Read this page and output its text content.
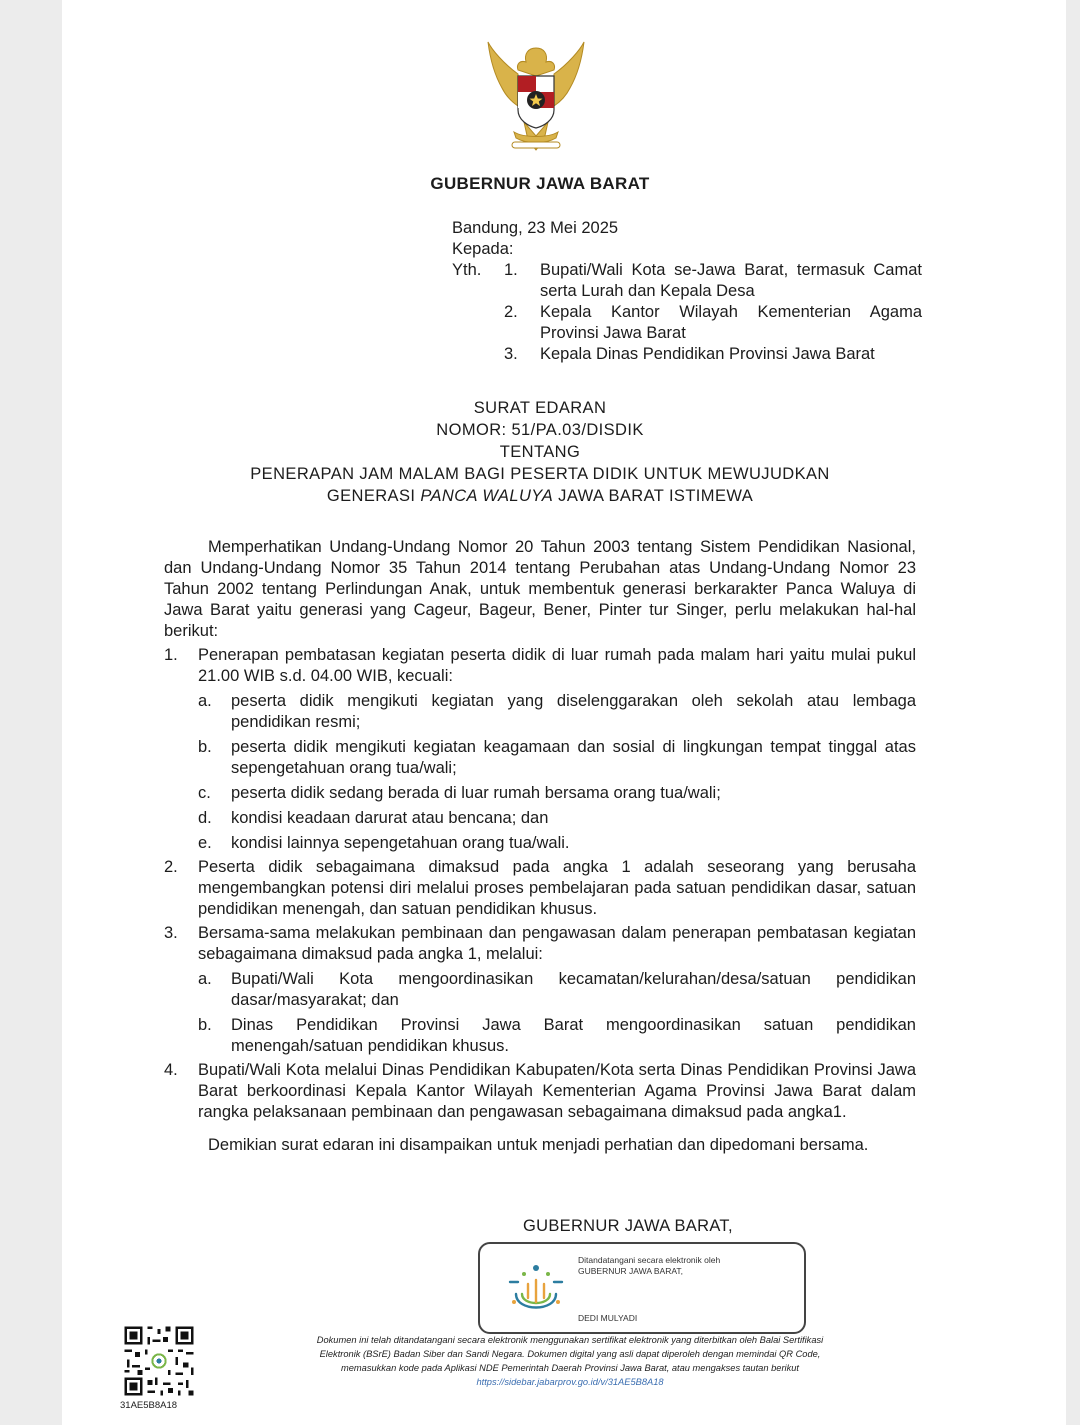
GUBERNUR JAWA BARAT
Bandung, 23 Mei 2025
Kepada:
Yth.	1.	Bupati/Wali Kota se-Jawa Barat, termasuk Camat serta Lurah dan Kepala Desa
2.	Kepala Kantor Wilayah Kementerian Agama Provinsi Jawa Barat
3.	Kepala Dinas Pendidikan Provinsi Jawa Barat
SURAT EDARAN
NOMOR: 51/PA.03/DISDIK
TENTANG
PENERAPAN JAM MALAM BAGI PESERTA DIDIK UNTUK MEWUJUDKAN
GENERASI PANCA WALUYA JAWA BARAT ISTIMEWA

Memperhatikan Undang-Undang Nomor 20 Tahun 2003 tentang Sistem Pendidikan Nasional, dan Undang-Undang Nomor 35 Tahun 2014 tentang Perubahan atas Undang-Undang Nomor 23 Tahun 2002 tentang Perlindungan Anak, untuk membentuk generasi berkarakter Panca Waluya di Jawa Barat yaitu generasi yang Cageur, Bageur, Bener, Pinter tur Singer, perlu melakukan hal-hal berikut:

1.	Penerapan pembatasan kegiatan peserta didik di luar rumah pada malam hari yaitu mulai pukul 21.00 WIB s.d. 04.00 WIB, kecuali:
a.	peserta didik mengikuti kegiatan yang diselenggarakan oleh sekolah atau lembaga pendidikan resmi;
b.	peserta didik mengikuti kegiatan keagamaan dan sosial di lingkungan tempat tinggal atas sepengetahuan orang tua/wali;
c.	peserta didik sedang berada di luar rumah bersama orang tua/wali;
d.	kondisi keadaan darurat atau bencana; dan
e.	kondisi lainnya sepengetahuan orang tua/wali.
2.	Peserta didik sebagaimana dimaksud pada angka 1 adalah seseorang yang berusaha mengembangkan potensi diri melalui proses pembelajaran pada satuan pendidikan dasar, satuan pendidikan menengah, dan satuan pendidikan khusus.
3.	Bersama-sama melakukan pembinaan dan pengawasan dalam penerapan pembatasan kegiatan sebagaimana dimaksud pada angka 1, melalui:
a.	Bupati/Wali Kota mengoordinasikan kecamatan/kelurahan/desa/satuan pendidikan dasar/masyarakat; dan
b.	Dinas Pendidikan Provinsi Jawa Barat mengoordinasikan satuan pendidikan menengah/satuan pendidikan khusus.
4.	Bupati/Wali Kota melalui Dinas Pendidikan Kabupaten/Kota serta Dinas Pendidikan Provinsi Jawa Barat berkoordinasi Kepala Kantor Wilayah Kementerian Agama Provinsi Jawa Barat dalam rangka pelaksanaan pembinaan dan pengawasan sebagaimana dimaksud pada angka1.

Demikian surat edaran ini disampaikan untuk menjadi perhatian dan dipedomani bersama.

GUBERNUR JAWA BARAT,
Ditandatangani secara elektronik oleh
GUBERNUR JAWA BARAT,
DEDI MULYADI
31AE5B8A18
Dokumen ini telah ditandatangani secara elektronik menggunakan sertifikat elektronik yang diterbitkan oleh Balai Sertifikasi
Elektronik (BSrE) Badan Siber dan Sandi Negara. Dokumen digital yang asli dapat diperoleh dengan memindai QR Code,
memasukkan kode pada Aplikasi NDE Pemerintah Daerah Provinsi Jawa Barat, atau mengakses tautan berikut
https://sidebar.jabarprov.go.id/v/31AE5B8A18
